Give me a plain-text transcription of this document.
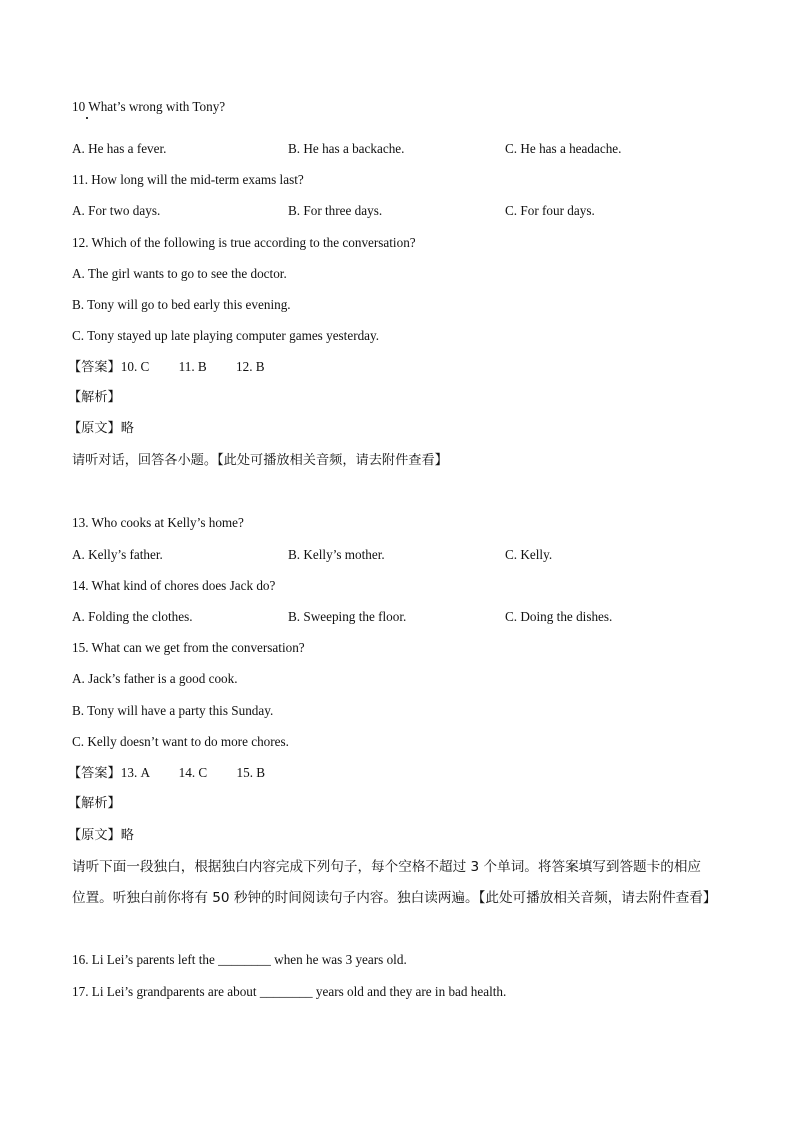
10 What’s wrong with Tony?
A. He has a fever.	B. He has a backache.	C. He has a headache.
11. How long will the mid-term exams last?
A. For two days.	B. For three days.	C. For four days.
12. Which of the following is true according to the conversation?
A. The girl wants to go to see the doctor.
B. Tony will go to bed early this evening.
C. Tony stayed up late playing computer games yesterday.
【答案】10. C 11. B 12. B
【解析】
【原文】略
请听对话，回答各小题。【此处可播放相关音频，请去附件查看】
13. Who cooks at Kelly’s home?
A. Kelly’s father.	B. Kelly’s mother.	C. Kelly.
14. What kind of chores does Jack do?
A. Folding the clothes.	B. Sweeping the floor.	C. Doing the dishes.
15. What can we get from the conversation?
A. Jack’s father is a good cook.
B. Tony will have a party this Sunday.
C. Kelly doesn’t want to do more chores.
【答案】13. A 14. C 15. B
【解析】
【原文】略
请听下面一段独白，根据独白内容完成下列句子，每个空格不超过 3 个单词。将答案填写到答题卡的相应
位置。听独白前你将有 50 秒钟的时间阅读句子内容。独白读两遍。【此处可播放相关音频，请去附件查看】
16. Li Lei’s parents left the ________ when he was 3 years old.
17. Li Lei’s grandparents are about ________ years old and they are in bad health.
